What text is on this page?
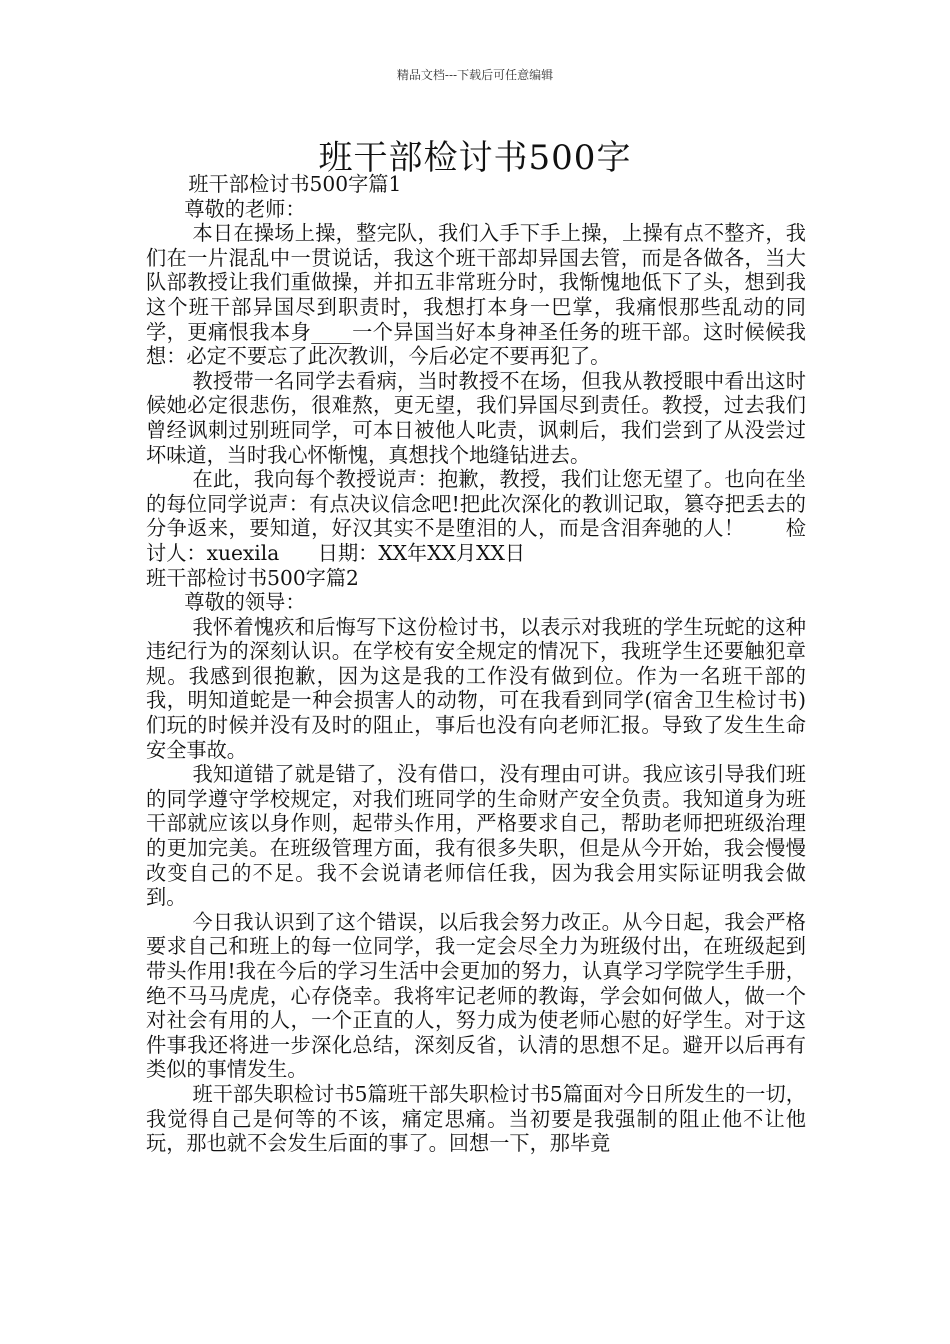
精品文档---下载后可任意编辑
班干部检讨书500字

班干部检讨书500字篇1

尊敬的老师：

本日在操场上操，整完队，我们入手下手上操，上操有点不整齐，我们在一片混乱中一贯说话，我这个班干部却异国去管，而是各做各，当大队部教授让我们重做操，并扣五非常班分时，我惭愧地低下了头，想到我这个班干部异国尽到职责时，我想打本身一巴掌，我痛恨那些乱动的同学，更痛恨我本身____一个异国当好本身神圣任务的班干部。这时候候我想：必定不要忘了此次教训，今后必定不要再犯了。

教授带一名同学去看病，当时教授不在场，但我从教授眼中看出这时候她必定很悲伤，很难熬，更无望，我们异国尽到责任。教授，过去我们曾经讽刺过别班同学，可本日被他人叱责，讽刺后，我们尝到了从没尝过坏味道，当时我心怀惭愧，真想找个地缝钻进去。

在此，我向每个教授说声：抱歉，教授，我们让您无望了。也向在坐的每位同学说声：有点决议信念吧!把此次深化的教训记取，篡夺把丢去的分争返来，要知道，好汉其实不是堕泪的人，而是含泪奔驰的人！ 检讨人：xuexila 日期：XX年XX月XX日

班干部检讨书500字篇2

尊敬的领导：

我怀着愧疚和后悔写下这份检讨书，以表示对我班的学生玩蛇的这种违纪行为的深刻认识。在学校有安全规定的情况下，我班学生还要触犯章规。我感到很抱歉，因为这是我的工作没有做到位。作为一名班干部的我，明知道蛇是一种会损害人的动物，可在我看到同学(宿舍卫生检讨书)们玩的时候并没有及时的阻止，事后也没有向老师汇报。导致了发生生命安全事故。

我知道错了就是错了，没有借口，没有理由可讲。我应该引导我们班的同学遵守学校规定，对我们班同学的生命财产安全负责。我知道身为班干部就应该以身作则，起带头作用，严格要求自己，帮助老师把班级治理的更加完美。在班级管理方面，我有很多失职，但是从今开始，我会慢慢改变自己的不足。我不会说请老师信任我，因为我会用实际证明我会做到。

今日我认识到了这个错误，以后我会努力改正。从今日起，我会严格要求自己和班上的每一位同学，我一定会尽全力为班级付出，在班级起到带头作用!我在今后的学习生活中会更加的努力，认真学习学院学生手册，绝不马马虎虎，心存侥幸。我将牢记老师的教诲，学会如何做人，做一个对社会有用的人，一个正直的人，努力成为使老师心慰的好学生。对于这件事我还将进一步深化总结，深刻反省，认清的思想不足。避开以后再有类似的事情发生。

班干部失职检讨书5篇班干部失职检讨书5篇面对今日所发生的一切，我觉得自己是何等的不该，痛定思痛。当初要是我强制的阻止他不让他玩，那也就不会发生后面的事了。回想一下，那毕竟
